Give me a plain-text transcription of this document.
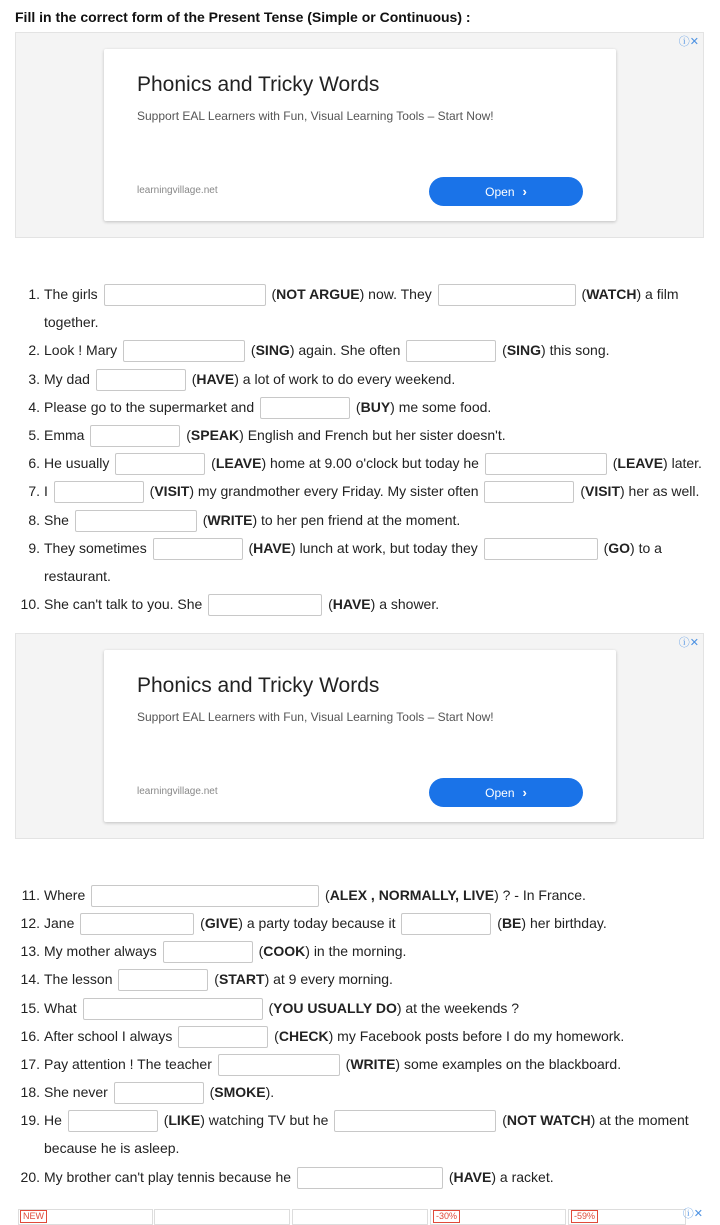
Fill in the correct form of the Present Tense (Simple or Continuous) :
ⓘ✕
Phonics and Tricky Words
Support EAL Learners with Fun, Visual Learning Tools – Start Now!
learningvillage.net	Open ›
1. The girls	(NOT ARGUE) now. They	(WATCH) a film
together.
2. Look ! Mary	(SING) again. She often	(SING) this song.
3. My dad	(HAVE) a lot of work to do every weekend.
4. Please go to the supermarket and	(BUY) me some food.
5. Emma	(SPEAK) English and French but her sister doesn't.
6. He usually	(LEAVE) home at 9.00 o'clock but today he	(LEAVE) later.
7. I	(VISIT) my grandmother every Friday. My sister often	(VISIT) her as well.
8. She	(WRITE) to her pen friend at the moment.
9. They sometimes	(HAVE) lunch at work, but today they	(GO) to a
restaurant.
10. She can't talk to you. She	(HAVE) a shower.
ⓘ✕
Phonics and Tricky Words
Support EAL Learners with Fun, Visual Learning Tools – Start Now!
learningvillage.net	Open ›
11. Where	(ALEX , NORMALLY, LIVE) ? - In France.
12. Jane	(GIVE) a party today because it	(BE) her birthday.
13. My mother always	(COOK) in the morning.
14. The lesson	(START) at 9 every morning.
15. What	(YOU USUALLY DO) at the weekends ?
16. After school I always	(CHECK) my Facebook posts before I do my homework.
17. Pay attention ! The teacher	(WRITE) some examples on the blackboard.
18. She never	(SMOKE).
19. He	(LIKE) watching TV but he	(NOT WATCH) at the moment
because he is asleep.
20. My brother can't play tennis because he	(HAVE) a racket.
NEW	-30%	-59%	ⓘ✕
